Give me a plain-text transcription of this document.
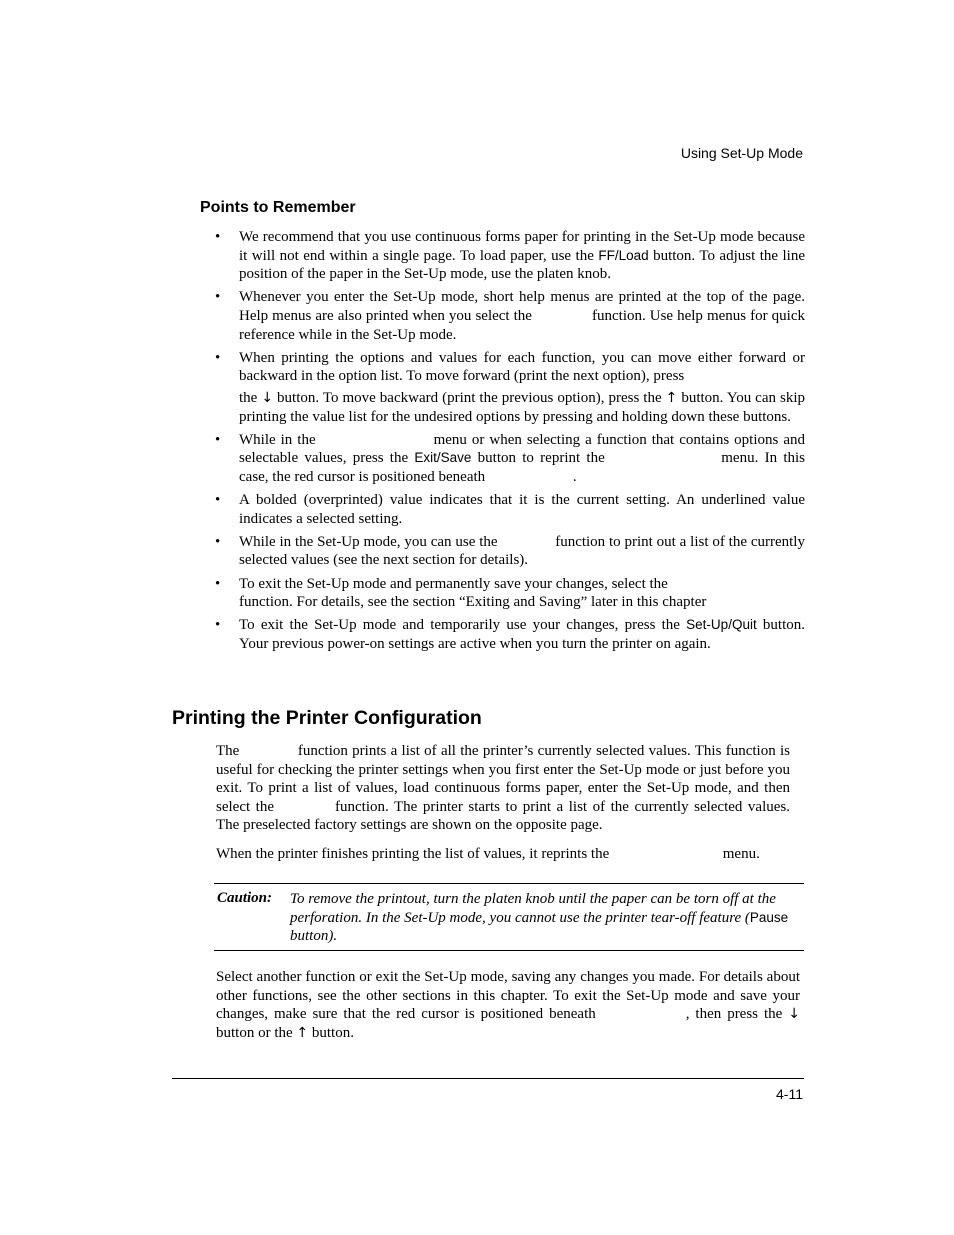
Using Set-Up Mode
Points to Remember
• We recommend that you use continuous forms paper for printing in the Set-Up mode because it will not end within a single page. To load paper, use the FF/Load button. To adjust the line position of the paper in the Set-Up mode, use the platen knob.
• Whenever you enter the Set-Up mode, short help menus are printed at the top of the page. Help menus are also printed when you select the	function. Use help menus for quick reference while in the Set-Up mode.
• When printing the options and values for each function, you can move either forward or backward in the option list. To move forward (print the next option), press

the ↓ button. To move backward (print the previous option), press the ↑ button. You can skip printing the value list for the undesired options by pressing and holding down these buttons.
• While in the	menu or when selecting a function that contains options and selectable values, press the Exit/Save button to reprint the	menu. In this case, the red cursor is positioned beneath	.
• A bolded (overprinted) value indicates that it is the current setting. An underlined value indicates a selected setting.
• While in the Set-Up mode, you can use the	function to print out a list of the currently selected values (see the next section for details).
• To exit the Set-Up mode and permanently save your changes, select the
function. For details, see the section “Exiting and Saving” later in this chapter
• To exit the Set-Up mode and temporarily use your changes, press the Set-Up/Quit button. Your previous power-on settings are active when you turn the printer on again.
Printing the Printer Configuration
The	function prints a list of all the printer’s currently selected values. This function is useful for checking the printer settings when you first enter the Set-Up mode or just before you exit. To print a list of values, load continuous forms paper, enter the Set-Up mode, and then select the	function. The printer starts to print a list of the currently selected values. The preselected factory settings are shown on the opposite page.
When the printer finishes printing the list of values, it reprints the	menu.
Caution: To remove the printout, turn the platen knob until the paper can be torn off at the perforation. In the Set-Up mode, you cannot use the printer tear-off feature (Pause button).
Select another function or exit the Set-Up mode, saving any changes you made. For details about other functions, see the other sections in this chapter. To exit the Set-Up mode and save your changes, make sure that the red cursor is positioned beneath	, then press the ↓ button or the ↑ button.
4-11
